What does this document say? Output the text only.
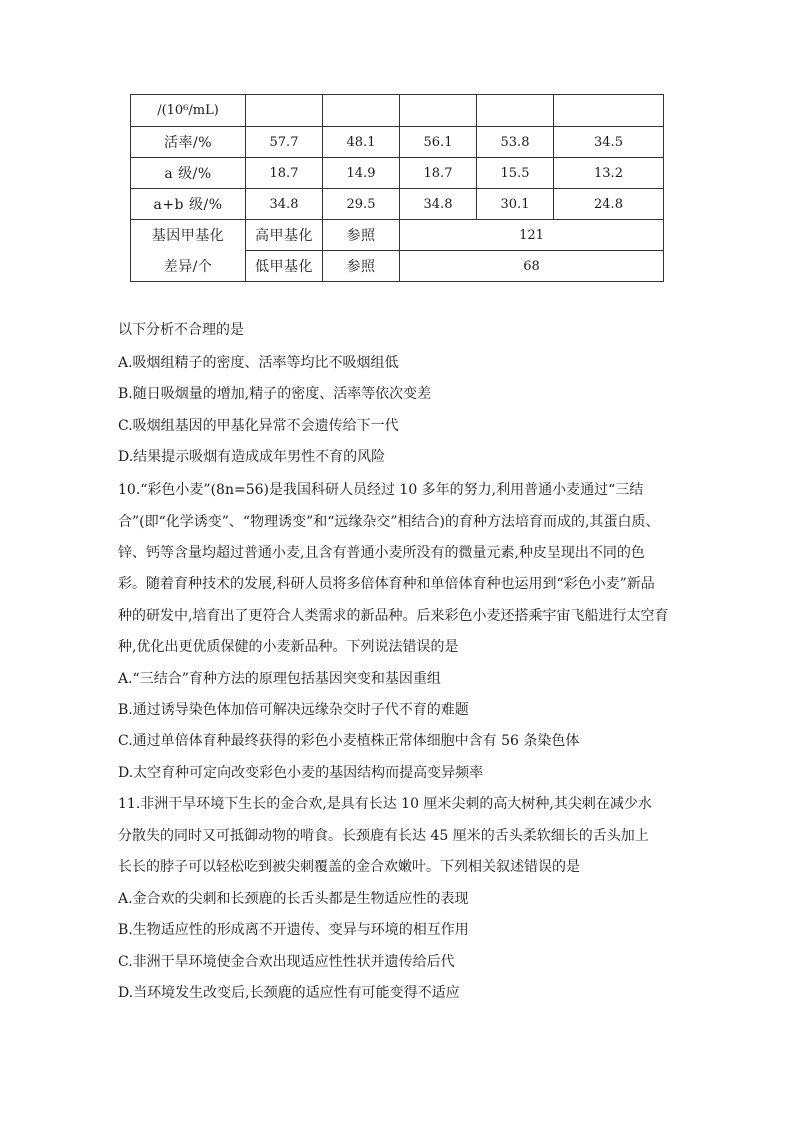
/(10⁶/mL)					
活率/%	57.7	48.1	56.1	53.8	34.5
a 级/%	18.7	14.9	18.7	15.5	13.2
a+b 级/%	34.8	29.5	34.8	30.1	24.8
基因甲基化	高甲基化	参照	121		
差异/个	低甲基化	参照	68		
以下分析不合理的是
A.吸烟组精子的密度、活率等均比不吸烟组低
B.随日吸烟量的增加,精子的密度、活率等依次变差
C.吸烟组基因的甲基化异常不会遗传给下一代
D.结果提示吸烟有造成成年男性不育的风险
10.“彩色小麦”(8n=56)是我国科研人员经过 10 多年的努力,利用普通小麦通过“三结
合”(即“化学诱变”、“物理诱变”和“远缘杂交”相结合)的育种方法培育而成的,其蛋白质、
锌、钙等含量均超过普通小麦,且含有普通小麦所没有的微量元素,种皮呈现出不同的色
彩。随着育种技术的发展,科研人员将多倍体育种和单倍体育种也运用到“彩色小麦”新品
种的研发中,培育出了更符合人类需求的新品种。后来彩色小麦还搭乘宇宙飞船进行太空育
种,优化出更优质保健的小麦新品种。下列说法错误的是
A.“三结合”育种方法的原理包括基因突变和基因重组
B.通过诱导染色体加倍可解决远缘杂交时子代不育的难题
C.通过单倍体育种最终获得的彩色小麦植株正常体细胞中含有 56 条染色体
D.太空育种可定向改变彩色小麦的基因结构而提高变异频率
11.非洲干旱环境下生长的金合欢,是具有长达 10 厘米尖刺的高大树种,其尖刺在减少水
分散失的同时又可抵御动物的啃食。长颈鹿有长达 45 厘米的舌头柔软细长的舌头加上
长长的脖子可以轻松吃到被尖刺覆盖的金合欢嫩叶。下列相关叙述错误的是
A.金合欢的尖刺和长颈鹿的长舌头都是生物适应性的表现
B.生物适应性的形成离不开遗传、变异与环境的相互作用
C.非洲干旱环境使金合欢出现适应性性状并遗传给后代
D.当环境发生改变后,长颈鹿的适应性有可能变得不适应
